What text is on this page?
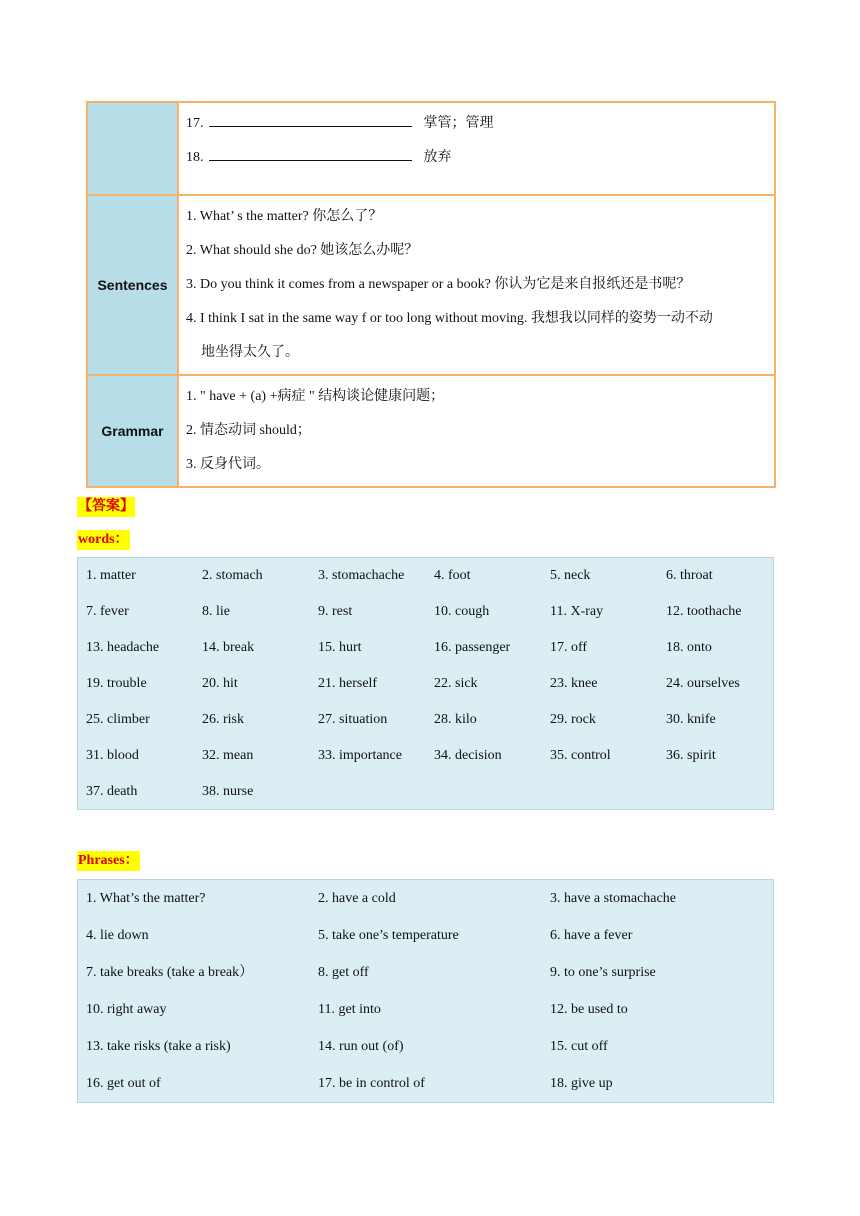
17.	掌管；管理
18.	放弃
Sentences
1. What’ s the matter? 你怎么了？
2. What should she do? 她该怎么办呢？
3. Do you think it comes from a newspaper or a book? 你认为它是来自报纸还是书呢？
4. I think I sat in the same way f or too long without moving. 我想我以同样的姿势一动不动
地坐得太久了。
Grammar
1. " have + (a) +病症 " 结构谈论健康问题；
2. 情态动词 should；
3. 反身代词。
【答案】
words：
1. matter	2. stomach	3. stomachache	4. foot	5. neck	6. throat
7. fever	8. lie	9. rest	10. cough	11. X-ray	12. toothache
13. headache	14. break	15. hurt	16. passenger	17. off	18. onto
19. trouble	20. hit	21. herself	22. sick	23. knee	24. ourselves
25. climber	26. risk	27. situation	28. kilo	29. rock	30. knife
31. blood	32. mean	33. importance	34. decision	35. control	36. spirit
37. death	38. nurse
Phrases：
1. What’s the matter?	2. have a cold	3. have a stomachache
4. lie down	5. take one’s temperature	6. have a fever
7. take breaks (take a break）	8. get off	9. to one’s surprise
10. right away	11. get into	12. be used to
13. take risks (take a risk)	14. run out (of)	15. cut off
16. get out of	17. be in control of	18. give up
